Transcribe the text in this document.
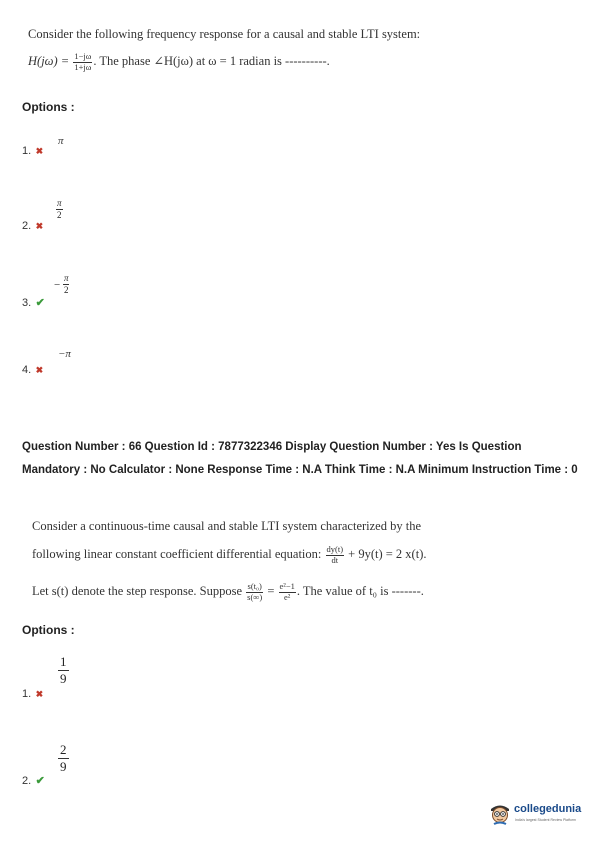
Consider the following frequency response for a causal and stable LTI system:
$H(j\omega) = \frac{1-j\omega}{1+j\omega}$ . The phase ∠H(jω) at ω = 1 radian is ----------.
Options :
1. ✖
π
2. ✖
$\frac{\pi}{2}$
3. ✔
− $\frac{\pi}{2}$
4. ✖
−π
Question Number : 66 Question Id : 7877322346 Display Question Number : Yes Is Question Mandatory : No Calculator : None Response Time : N.A Think Time : N.A Minimum Instruction Time : 0
Consider a continuous-time causal and stable LTI system characterized by the
following linear constant coefficient differential equation: $\frac{dy(t)}{dt} + 9y(t) = 2$ x(t).
Let s(t) denote the step response. Suppose $\frac{\text{s(t₀)}}{s(\infty)} = \frac{\text{e²−1}}{\text{e²}}$ . The value of t₀ is -------.
Options :
1. ✖
$\frac{1}{9}$
2. ✔
$\frac{2}{9}$
collegedunia
India's largest Student Review Platform
